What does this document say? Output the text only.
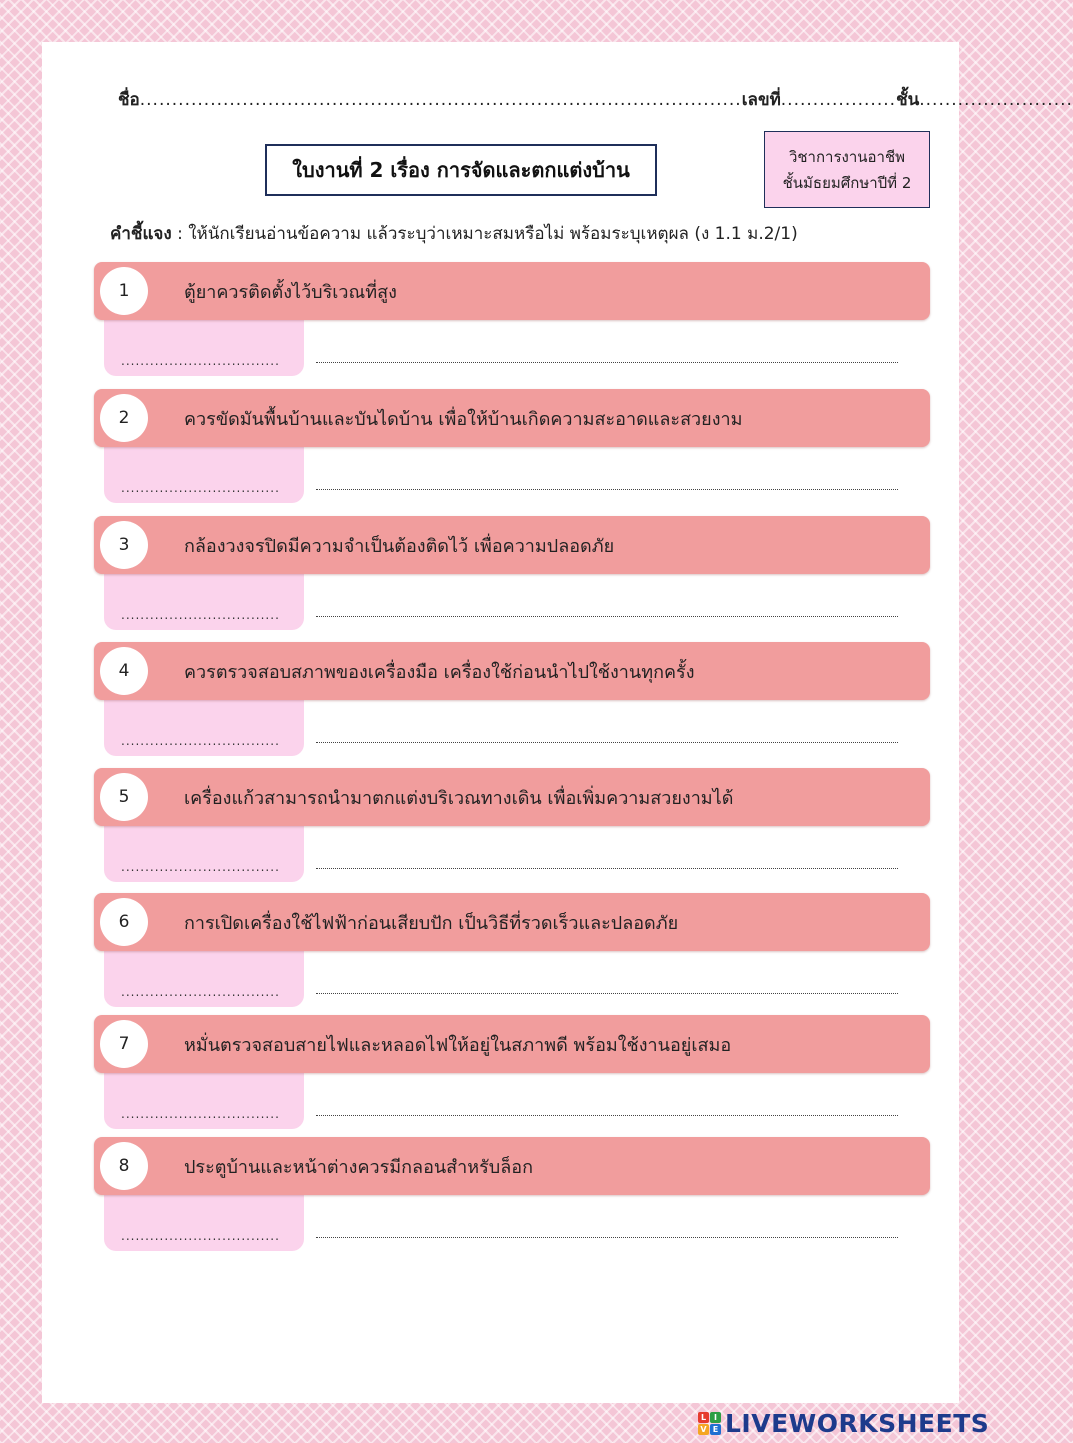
ชื่อ..............................................................................................เลขที่..................ชั้น........................
ใบงานที่ 2 เรื่อง การจัดและตกแต่งบ้าน
วิชาการงานอาชีพ
ชั้นมัธยมศึกษาปีที่ 2
คำชี้แจง : ให้นักเรียนอ่านข้อความ แล้วระบุว่าเหมาะสมหรือไม่ พร้อมระบุเหตุผล (ง 1.1 ม.2/1)
.................................
1	ตู้ยาควรติดตั้งไว้บริเวณที่สูง
.................................
2	ควรขัดมันพื้นบ้านและบันไดบ้าน เพื่อให้บ้านเกิดความสะอาดและสวยงาม
.................................
3	กล้องวงจรปิดมีความจำเป็นต้องติดไว้ เพื่อความปลอดภัย
.................................
4	ควรตรวจสอบสภาพของเครื่องมือ เครื่องใช้ก่อนนำไปใช้งานทุกครั้ง
.................................
5	เครื่องแก้วสามารถนำมาตกแต่งบริเวณทางเดิน เพื่อเพิ่มความสวยงามได้
.................................
6	การเปิดเครื่องใช้ไฟฟ้าก่อนเสียบปัก เป็นวิธีที่รวดเร็วและปลอดภัย
.................................
7	หมั่นตรวจสอบสายไฟและหลอดไฟให้อยู่ในสภาพดี พร้อมใช้งานอยู่เสมอ
.................................
8	ประตูบ้านและหน้าต่างควรมีกลอนสำหรับล็อก
L I
V E LIVEWORKSHEETS
